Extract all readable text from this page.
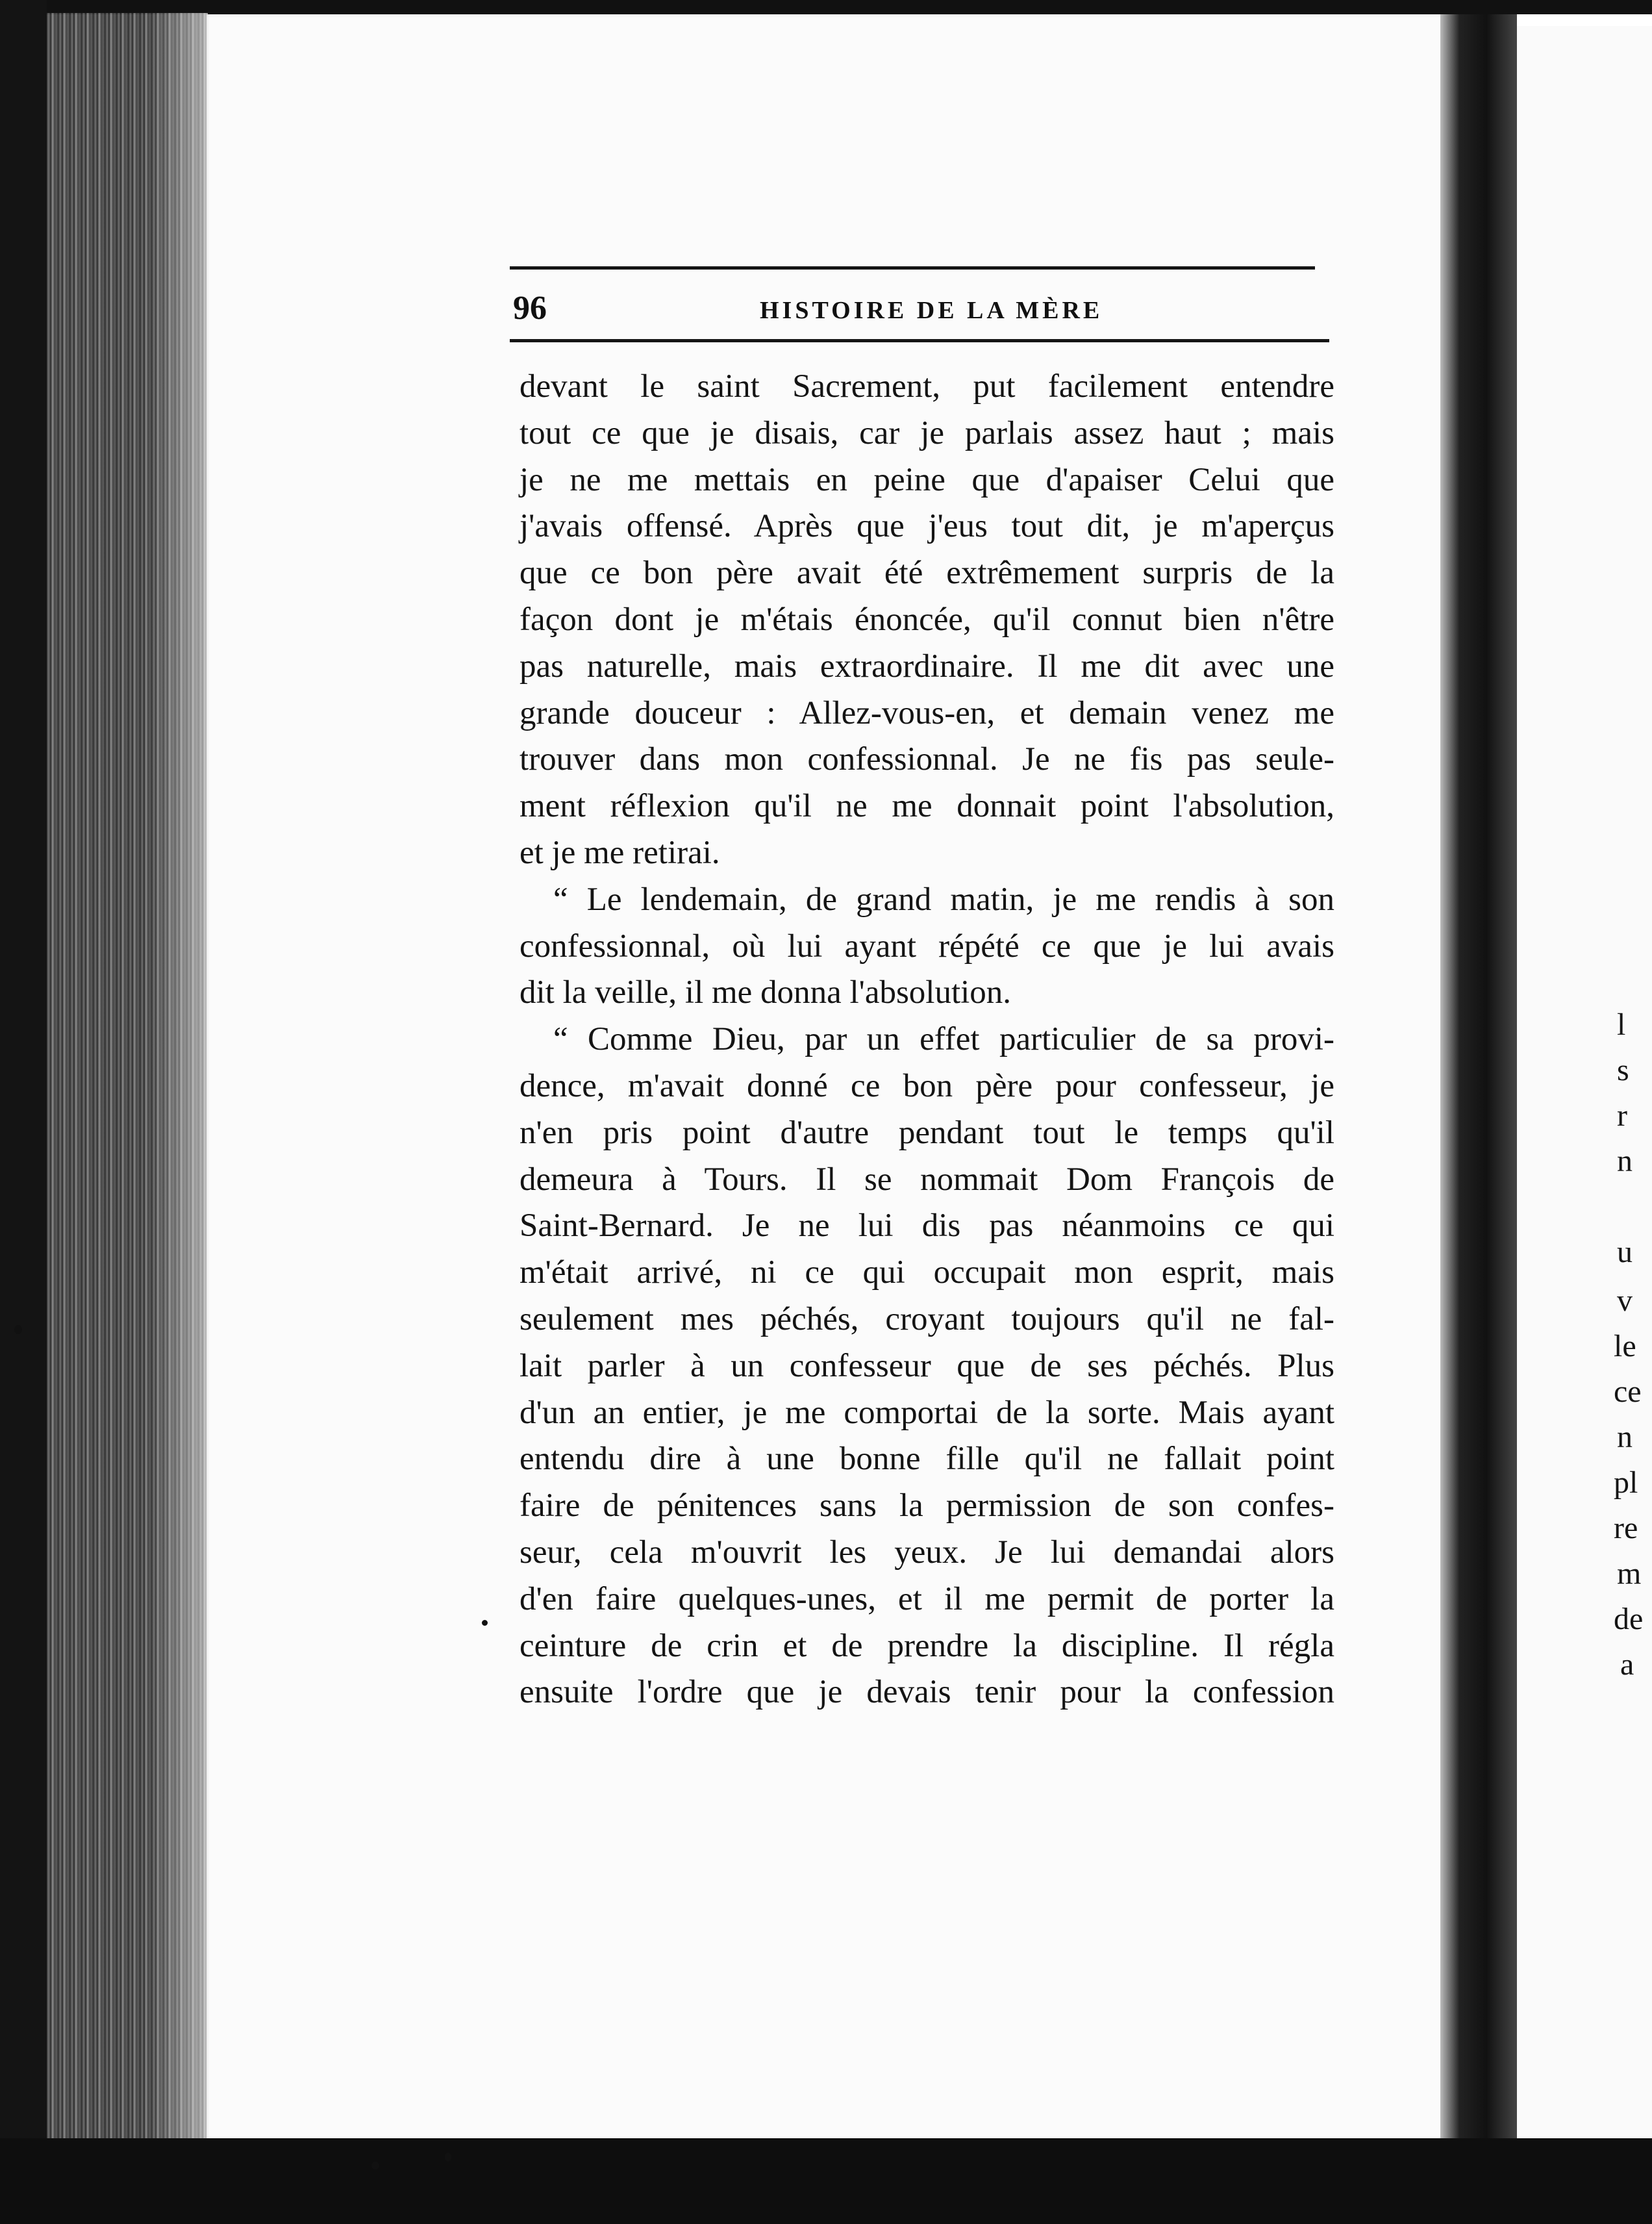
96	HISTOIRE DE LA MÈRE
devant le saint Sacrement, put facilement entendre
tout ce que je disais, car je parlais assez haut ; mais
je ne me mettais en peine que d'apaiser Celui que
j'avais offensé. Après que j'eus tout dit, je m'aperçus
que ce bon père avait été extrêmement surpris de la
façon dont je m'étais énoncée, qu'il connut bien n'être
pas naturelle, mais extraordinaire. Il me dit avec une
grande douceur : Allez-vous-en, et demain venez me
trouver dans mon confessionnal. Je ne fis pas seule-
ment réflexion qu'il ne me donnait point l'absolution,
et je me retirai.
“ Le lendemain, de grand matin, je me rendis à son
confessionnal, où lui ayant répété ce que je lui avais
dit la veille, il me donna l'absolution.
“ Comme Dieu, par un effet particulier de sa provi-
dence, m'avait donné ce bon père pour confesseur, je
n'en pris point d'autre pendant tout le temps qu'il
demeura à Tours. Il se nommait Dom François de
Saint-Bernard. Je ne lui dis pas néanmoins ce qui
m'était arrivé, ni ce qui occupait mon esprit, mais
seulement mes péchés, croyant toujours qu'il ne fal-
lait parler à un confesseur que de ses péchés. Plus
d'un an entier, je me comportai de la sorte. Mais ayant
entendu dire à une bonne fille qu'il ne fallait point
faire de pénitences sans la permission de son confes-
seur, cela m'ouvrit les yeux. Je lui demandai alors
d'en faire quelques-unes, et il me permit de porter la
ceinture de crin et de prendre la discipline. Il régla
ensuite l'ordre que je devais tenir pour la confession
l
s
r
n
u
v
le
ce
n
pl
re
m
de
a
